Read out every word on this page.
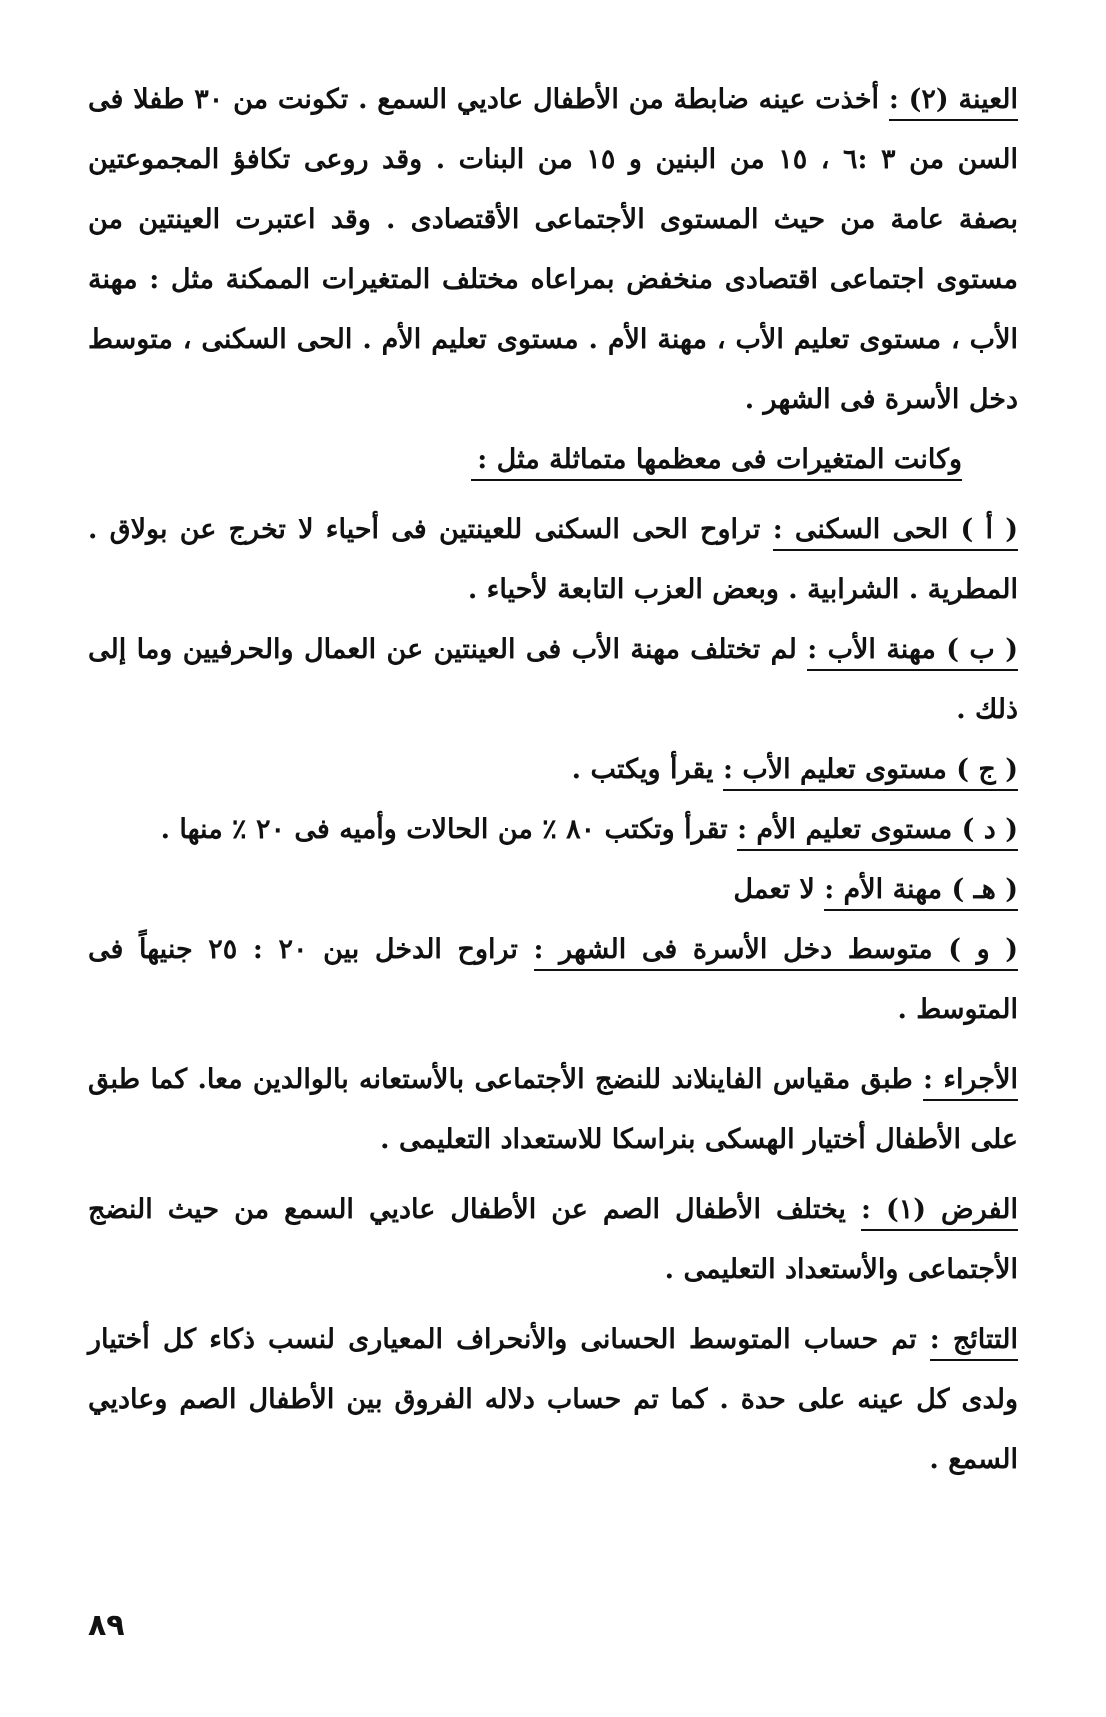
العينة (٢) : أخذت عينه ضابطة من الأطفال عاديي السمع . تكونت من ٣٠ طفلا فى السن من ٣ :٦ ، ١٥ من البنين و ١٥ من البنات . وقد روعى تكافؤ المجموعتين بصفة عامة من حيث المستوى الأجتماعى الأقتصادى . وقد اعتبرت العينتين من مستوى اجتماعى اقتصادى منخفض بمراعاه مختلف المتغيرات الممكنة مثل : مهنة الأب ، مستوى تعليم الأب ، مهنة الأم . مستوى تعليم الأم . الحى السكنى ، متوسط دخل الأسرة فى الشهر .

وكانت المتغيرات فى معظمها متماثلة مثل :

( أ ) الحى السكنى : تراوح الحى السكنى للعينتين فى أحياء لا تخرج عن بولاق . المطرية . الشرابية . وبعض العزب التابعة لأحياء .

( ب ) مهنة الأب : لم تختلف مهنة الأب فى العينتين عن العمال والحرفيين وما إلى ذلك .

( ج ) مستوى تعليم الأب : يقرأ ويكتب .

( د ) مستوى تعليم الأم : تقرأ وتكتب ٨٠ ٪ من الحالات وأميه فى ٢٠ ٪ منها .

( هـ ) مهنة الأم : لا تعمل

( و ) متوسط دخل الأسرة فى الشهر : تراوح الدخل بين ٢٠ : ٢٥ جنيهاً فى المتوسط .

الأجراء : طبق مقياس الفاينلاند للنضج الأجتماعى بالأستعانه بالوالدين معا. كما طبق على الأطفال أختيار الهسكى بنراسكا للاستعداد التعليمى .

الفرض (١) : يختلف الأطفال الصم عن الأطفال عاديي السمع من حيث النضج الأجتماعى والأستعداد التعليمى .

التتائج : تم حساب المتوسط الحسانى والأنحراف المعيارى لنسب ذكاء كل أختيار ولدى كل عينه على حدة . كما تم حساب دلاله الفروق بين الأطفال الصم وعاديي السمع .

٨٩
